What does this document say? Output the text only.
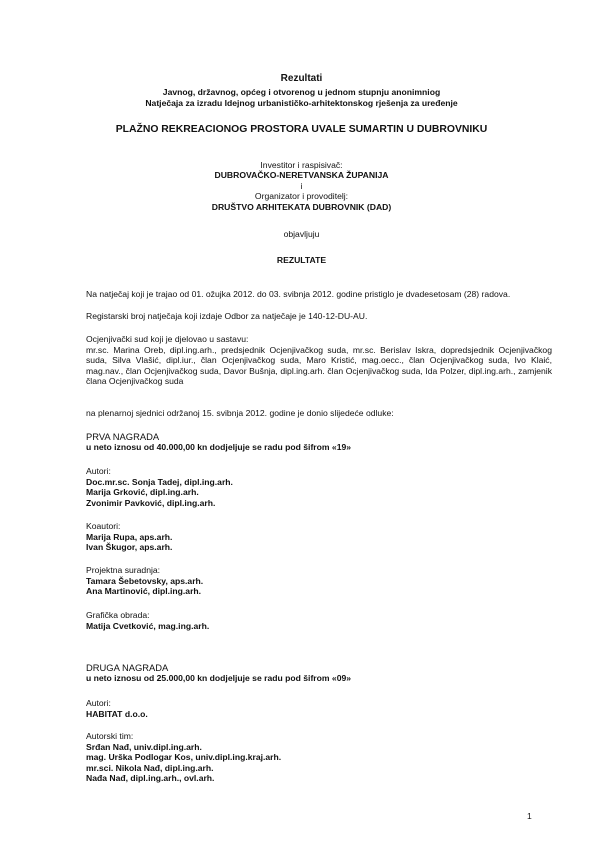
Rezultati
Javnog, državnog, općeg i otvorenog u jednom stupnju anonimniog
Natječaja za izradu Idejnog urbanističko-arhitektonskog rješenja za uređenje
PLAŽNO REKREACIONOG PROSTORA UVALE SUMARTIN U DUBROVNIKU
Investitor i raspisivač:
DUBROVAČKO-NERETVANSKA ŽUPANIJA
i
Organizator i provoditelj:
DRUŠTVO ARHITEKATA DUBROVNIK (DAD)
objavljuju
REZULTATE
Na natječaj koji je trajao od 01. ožujka 2012. do 03. svibnja 2012. godine pristiglo je dvadesetosam (28) radova.
Registarski broj natječaja koji izdaje Odbor za natječaje je 140-12-DU-AU.
Ocjenjivački sud koji je djelovao u sastavu:
mr.sc. Marina Oreb, dipl.ing.arh., predsjednik Ocjenjivačkog suda, mr.sc. Berislav Iskra, dopredsjednik Ocjenjivačkog suda, Silva Vlašić, dipl.iur., član Ocjenjivačkog suda, Maro Kristić, mag.oecc., član Ocjenjivačkog suda, Ivo Klaić, mag.nav., član Ocjenjivačkog suda, Davor Bušnja, dipl.ing.arh. član Ocjenjivačkog suda, Ida Polzer, dipl.ing.arh., zamjenik člana Ocjenjivačkog suda
na plenarnoj sjednici održanoj 15. svibnja 2012. godine je donio slijedeće odluke:
PRVA NAGRADA
u neto iznosu od 40.000,00 kn dodjeljuje se radu pod šifrom «19»
Autori:
Doc.mr.sc. Sonja Tadej, dipl.ing.arh.
Marija Grković, dipl.ing.arh.
Zvonimir Pavković, dipl.ing.arh.
Koautori:
Marija Rupa, aps.arh.
Ivan Škugor, aps.arh.
Projektna suradnja:
Tamara Šebetovsky, aps.arh.
Ana Martinović, dipl.ing.arh.
Grafička obrada:
Matija Cvetković, mag.ing.arh.
DRUGA NAGRADA
u neto iznosu od 25.000,00 kn dodjeljuje se radu pod šifrom «09»
Autori:
HABITAT d.o.o.
Autorski tim:
Srđan Nađ, univ.dipl.ing.arh.
mag. Urška Podlogar Kos, univ.dipl.ing.kraj.arh.
mr.sci. Nikola Nađ, dipl.ing.arh.
Nađa Nađ, dipl.ing.arh., ovl.arh.
1
